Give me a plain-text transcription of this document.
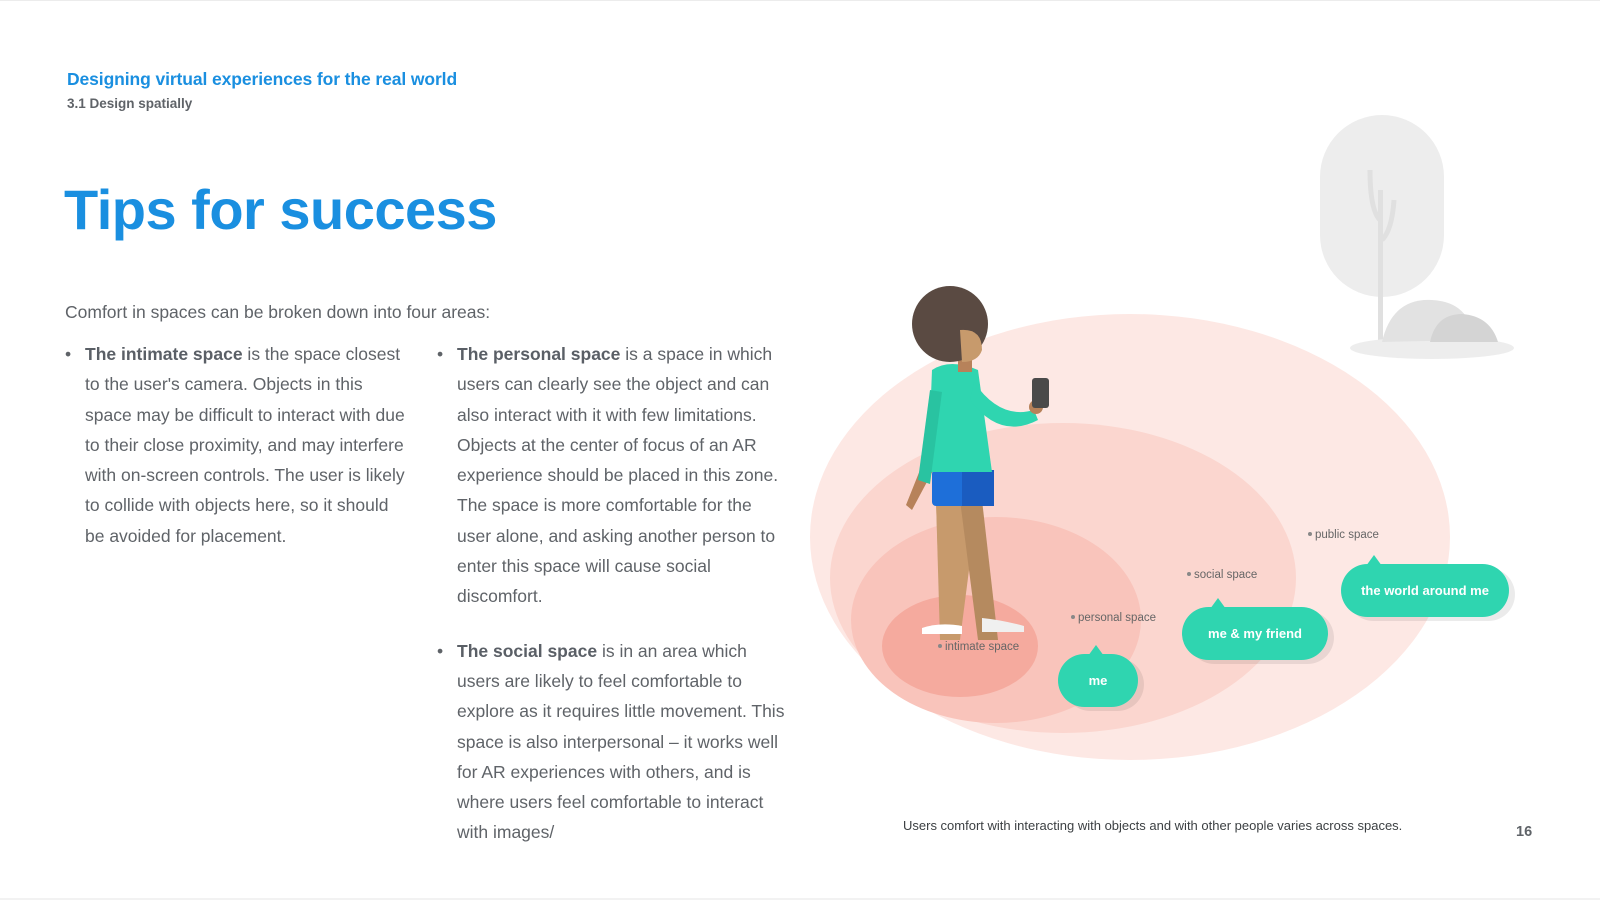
Designing virtual experiences for the real world
3.1 Design spatially
Tips for success

Comfort in spaces can be broken down into four areas:

• The intimate space is the space closest to the user's camera. Objects in this space may be difficult to interact with due to their close proximity, and may interfere with on-screen controls. The user is likely to collide with objects here, so it should be avoided for placement.
• The personal space is a space in which users can clearly see the object and can also interact with it with few limitations. Objects at the center of focus of an AR experience should be placed in this zone. The space is more comfortable for the user alone, and asking another person to enter this space will cause social discomfort.
• The social space is in an area which users are likely to feel comfortable to explore as it requires little movement. This space is also interpersonal – it works well for AR experiences with others, and is where users feel comfortable to interact with images/
intimate space
personal space
social space
public space
me
me & my friend
the world around me

Users comfort with interacting with objects and with other people varies across spaces.	16
